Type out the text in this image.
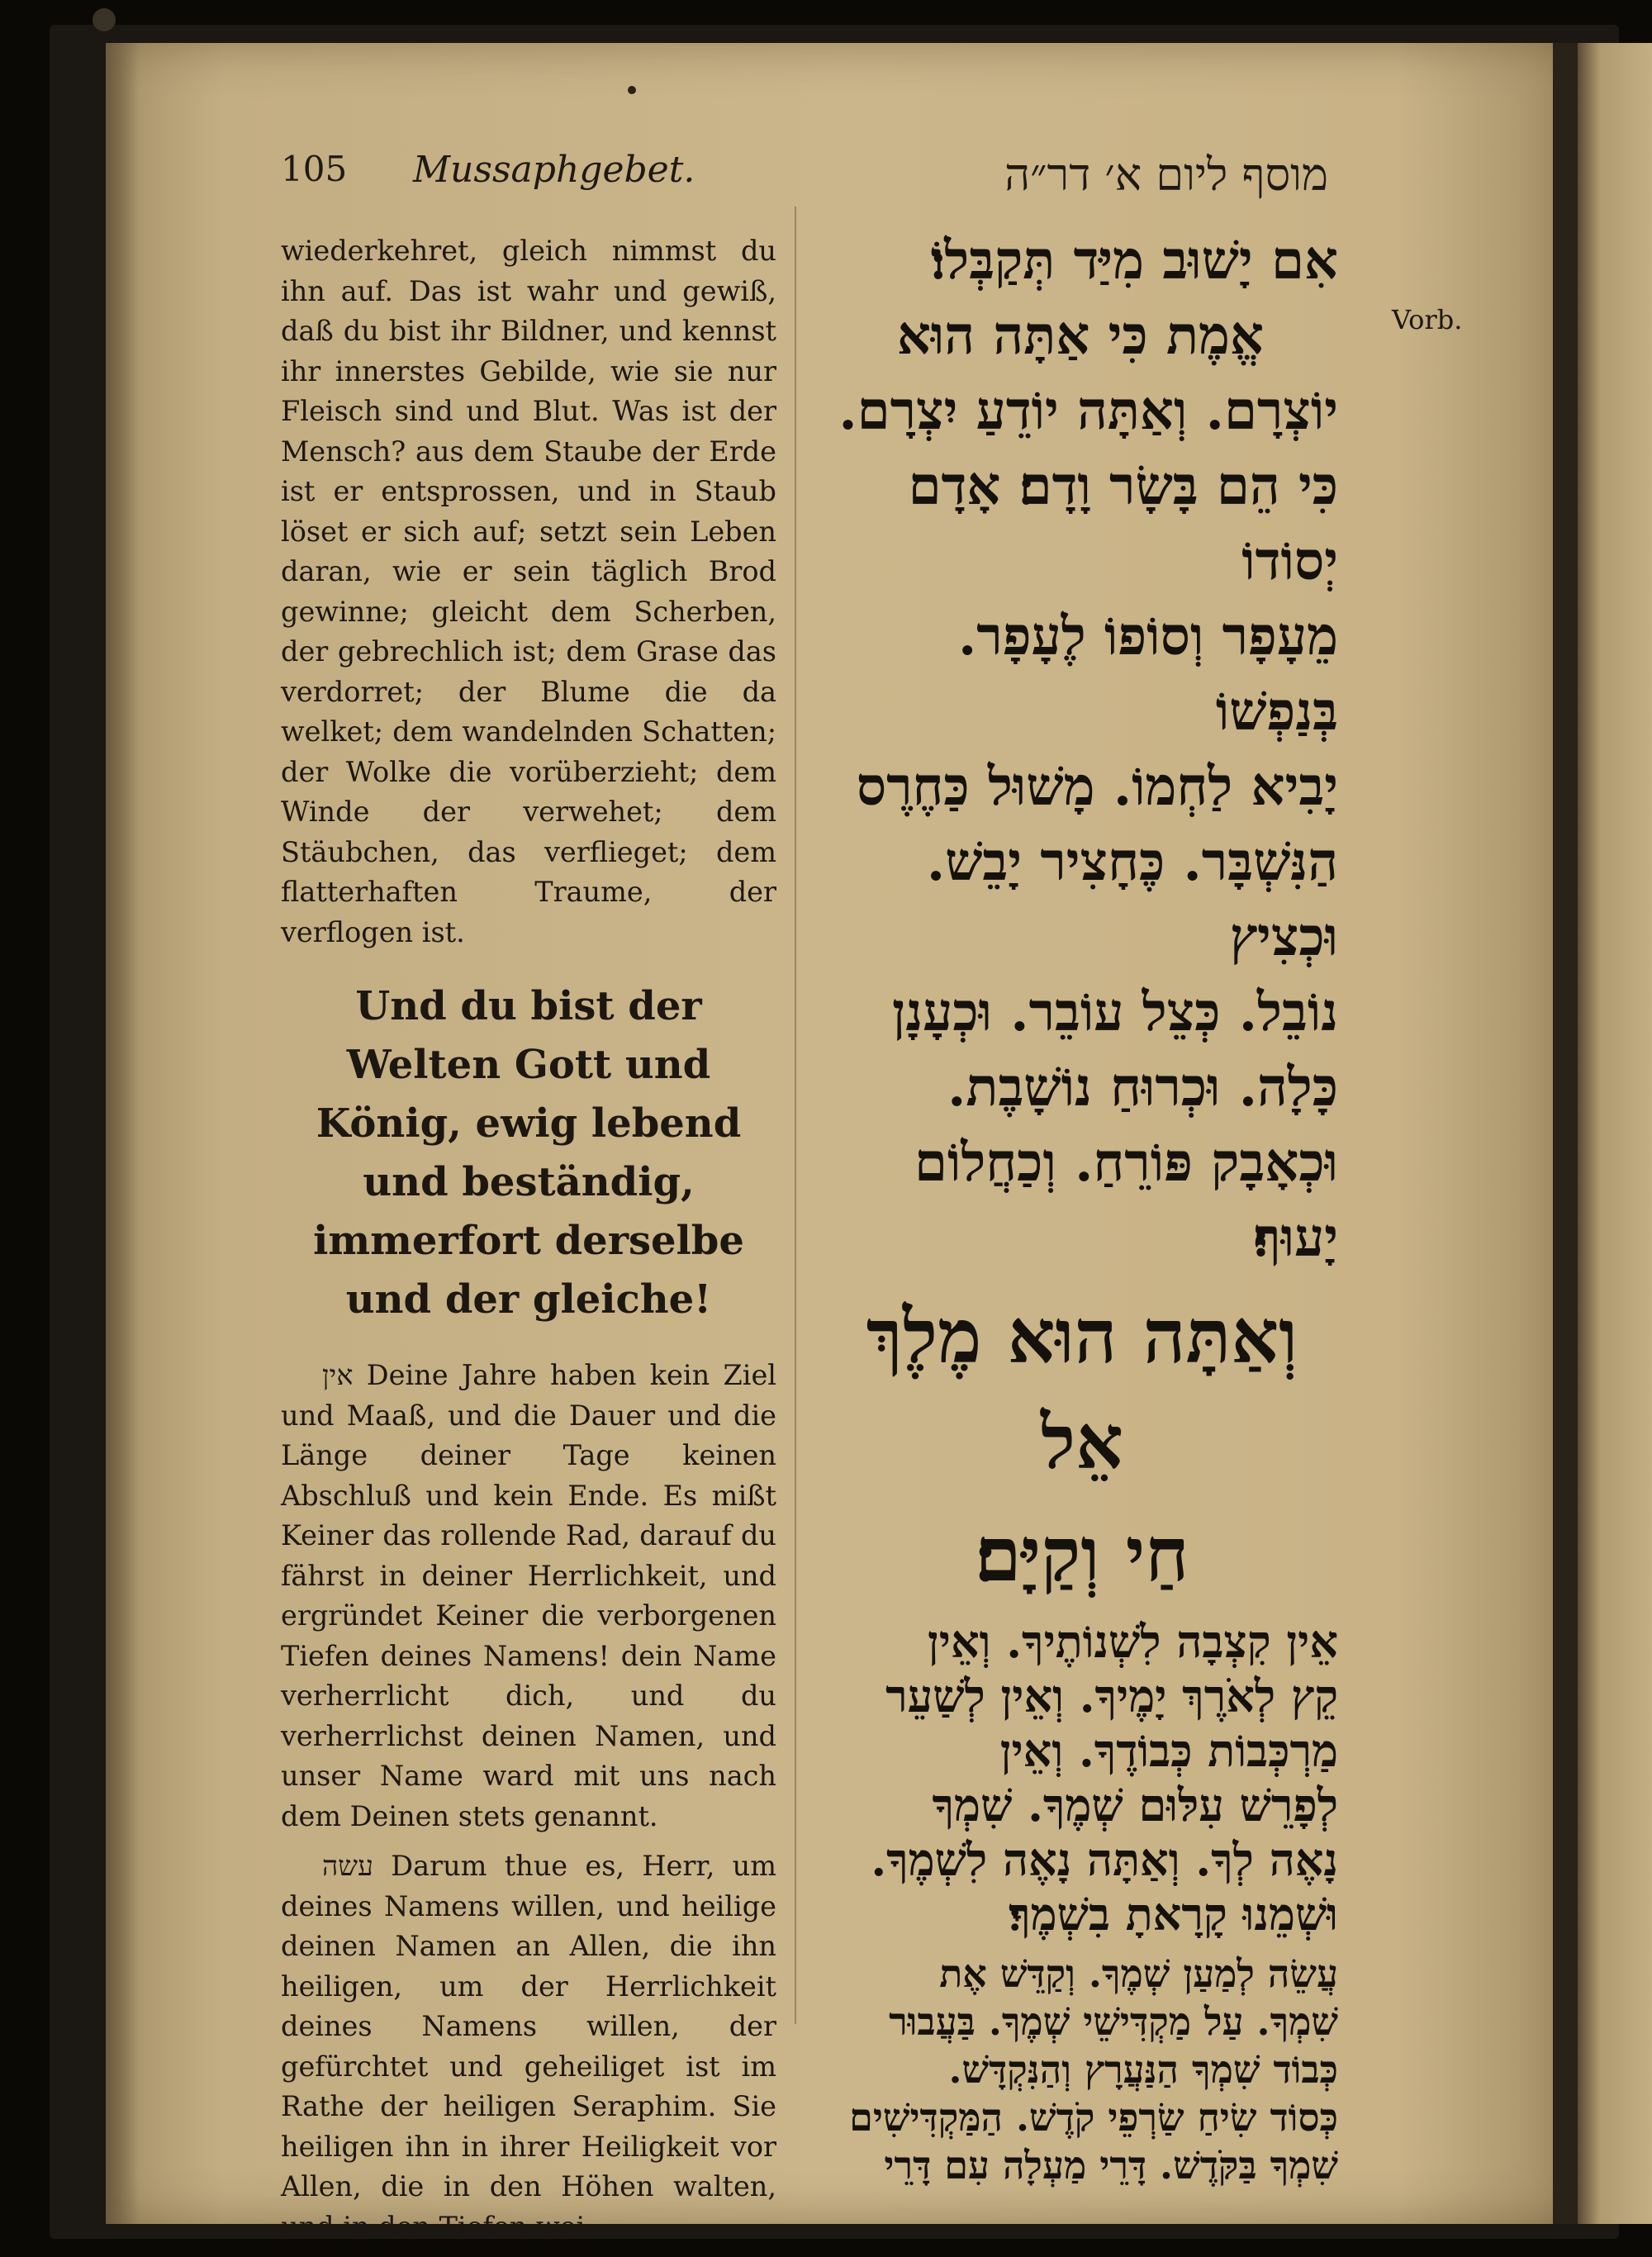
105 Mussaphgebet.	מוסף ליום א׳ דר״ה
Vorb.

wiederkehret, gleich nimmst du ihn auf. Das ist wahr und gewiß, daß du bist ihr Bildner, und kennst ihr innerstes Gebilde, wie sie nur Fleisch sind und Blut. Was ist der Mensch? aus dem Staube der Erde ist er entsprossen, und in Staub löset er sich auf; setzt sein Leben daran, wie er sein täglich Brod gewinne; gleicht dem Scherben, der gebrechlich ist; dem Grase das verdorret; der Blume die da welket; dem wandelnden Schatten; der Wolke die vorüberzieht; dem Winde der verwehet; dem Stäubchen, das verflieget; dem flatterhaften Traume, der verflogen ist.

Und du bist der Welten Gott und König, ewig lebend und beständig, immerfort derselbe und der gleiche!

אין Deine Jahre haben kein Ziel und Maaß, und die Dauer und die Länge deiner Tage keinen Abschluß und kein Ende. Es mißt Keiner das rollende Rad, darauf du fährst in deiner Herrlichkeit, und ergründet Keiner die verborgenen Tiefen deines Namens! dein Name verherrlicht dich, und du verherrlichst deinen Namen, und unser Name ward mit uns nach dem Deinen stets genannt.

עשה Darum thue es, Herr, um deines Namens willen, und heilige deinen Namen an Allen, die ihn heiligen, um der Herrlichkeit deines Namens willen, der gefürchtet und geheiliget ist im Rathe der heiligen Seraphim. Sie heiligen ihn in ihrer Heiligkeit vor Allen, die in den Höhen walten, und in den Tiefen wei-

אִם יָשׁוּב מִיַּד תְּקַבְּלוֹ׃

אֱמֶת כִּי אַתָּה הוּא

יוֹצְרָם. וְאַתָּה יוֹדֵעַ יִצְרָם.

כִּי הֵם בָּשָׂר וָדָם׃ אָדָם יְסוֹדוֹ

מֵעָפָר וְסוֹפוֹ לֶעָפָר. בְּנַפְשׁוֹ

יָבִיא לַחְמוֹ. מָשׁוּל כַּחֶרֶס

הַנִּשְׁבָּר. כֶּחָצִיר יָבֵשׁ. וּכְצִיץ

נוֹבֵל. כְּצֵל עוֹבֵר. וּכְעָנָן

כָּלָה. וּכְרוּחַ נוֹשָׁבֶת.

וּכְאָבָק פּוֹרֵחַ. וְכַחֲלוֹם

יָעוּף׃

וְאַתָּה הוּא מֶלֶךְ אֵל

חַי וְקַיָּם׃

אֵין קִצְבָה לִשְׁנוֹתֶיךָ. וְאֵין

קֵץ לְאֹרֶךְ יָמֶיךָ. וְאֵין לְשַׁעֵר

מַרְכְּבוֹת כְּבוֹדֶךָ. וְאֵין

לְפָרֵשׁ עִלּוּם שְׁמֶךָ. שִׁמְךָ

נָאֶה לְךָ. וְאַתָּה נָאֶה לִשְׁמֶךָ.

וּשְׁמֵנוּ קָרָאתָ בִשְׁמֶךָ׃

עֲשֵׂה לְמַעַן שְׁמֶךָ. וְקַדֵּשׁ אֶת

שִׁמְךָ. עַל מַקְדִּישֵׁי שְׁמֶךָ. בַּעֲבוּר

כְּבוֹד שִׁמְךָ הַנַּעֲרָץ וְהַנִּקְדָּשׁ.

כְּסוֹד שִׂיחַ שַׂרְפֵי קֹדֶשׁ. הַמַּקְדִּישִׁים

שִׁמְךָ בַּקֹּדֶשׁ. דָּרֵי מַעְלָה עִם דָּרֵי
